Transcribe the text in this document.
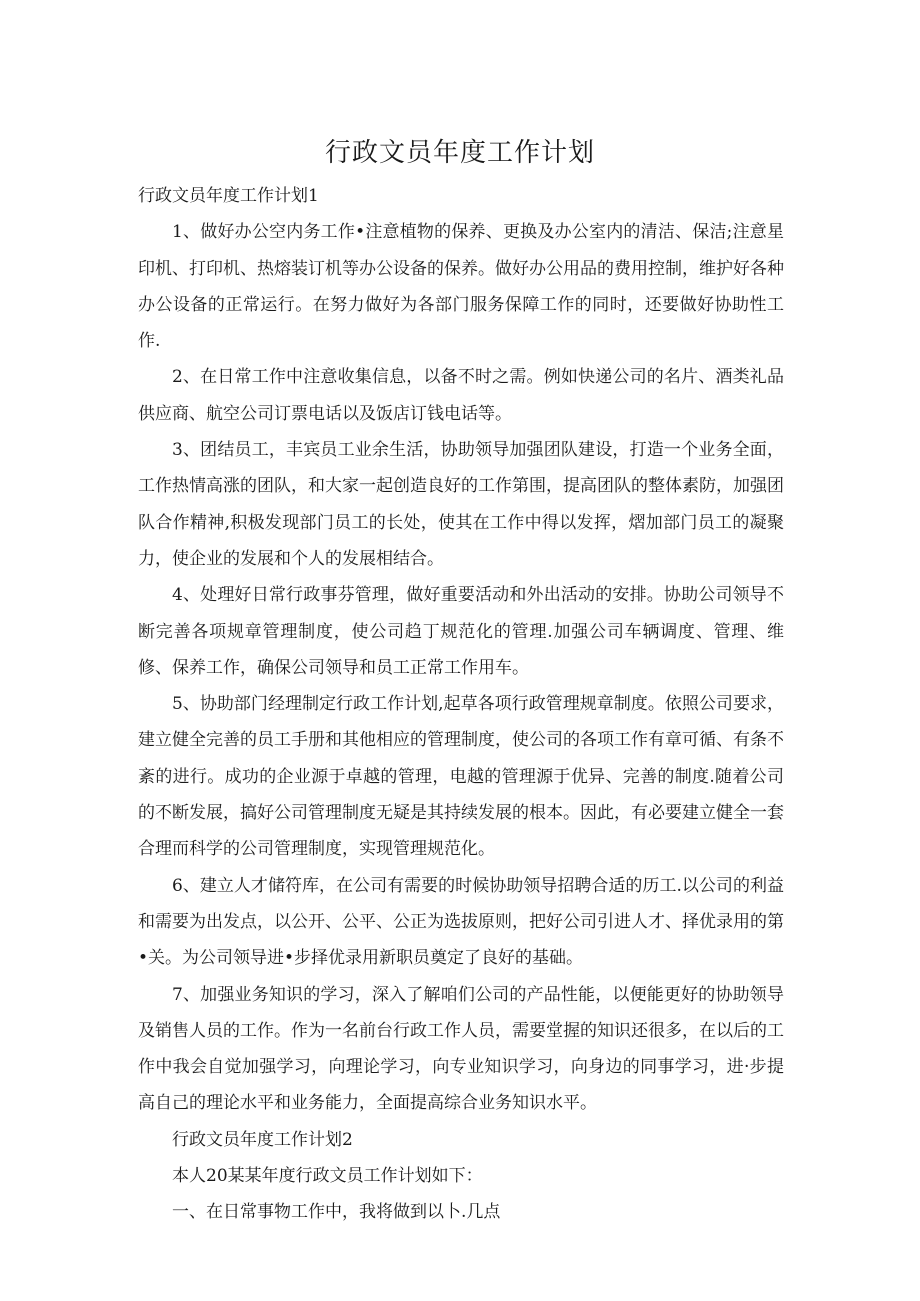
行政文员年度工作计划

行政文员年度工作计划1

1、做好办公空内务工作•注意植物的保养、更换及办公室内的清洁、保洁;注意星印机、打印机、热熔装订机等办公设备的保养。做好办公用品的费用控制，维护好各种办公设备的正常运行。在努力做好为各部门服务保障工作的同时，还要做好协助性工作.

2、在日常工作中注意收集信息，以备不时之需。例如快递公司的名片、酒类礼品供应商、航空公司订票电话以及饭店订钱电话等。

3、团结员工，丰宾员工业余生活，协助领导加强团队建设，打造一个业务全面，工作热情高涨的团队，和大家一起创造良好的工作第围，提高团队的整体素防，加强团队合作精神,积极发现部门员工的长处，使其在工作中得以发挥，熠加部门员工的凝聚力，使企业的发展和个人的发展相结合。

4、处理好日常行政事芬管理，做好重要活动和外出活动的安排。协助公司领导不断完善各项规章管理制度，使公司趋丁规范化的管理.加强公司车辆调度、管理、维修、保养工作，确保公司领导和员工正常工作用车。

5、协助部门经理制定行政工作计划,起草各项行政管理规章制度。依照公司要求，建立健全完善的员工手册和其他相应的管理制度，使公司的各项工作有章可循、有条不紊的进行。成功的企业源于卓越的管理，电越的管理源于优异、完善的制度.随着公司的不断发展，搞好公司管理制度无疑是其持续发展的根本。因此，有必要建立健全一套合理而科学的公司管理制度，实现管理规范化。

6、建立人才储符库，在公司有需要的时候协助领导招聘合适的历工.以公司的利益和需要为出发点，以公开、公平、公正为选拔原则，把好公司引进人才、择优录用的第•关。为公司领导进•步择优录用新职员奠定了良好的基础。

7、加强业务知识的学习，深入了解咱们公司的产品性能，以便能更好的协助领导及销售人员的工作。作为一名前台行政工作人员，需要堂握的知识还很多，在以后的工作中我会自觉加强学习，向理论学习，向专业知识学习，向身边的同事学习，进·步提高自己的理论水平和业务能力，全面提高综合业务知识水平。

行政文员年度工作计划2

本人20某某年度行政文员工作计划如下：

一、在日常事物工作中，我将做到以卜.几点
